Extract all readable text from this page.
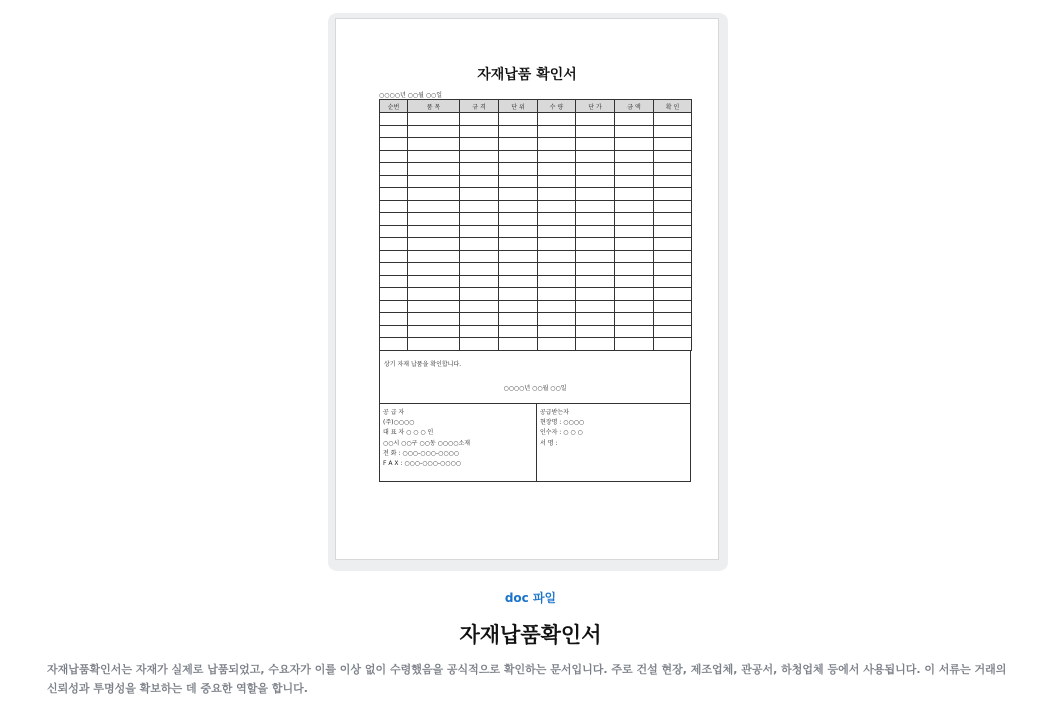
자재납품 확인서
○○○○년 ○○월 ○○일
순번	품 목	규 격	단 위	수 량	단 가	금 액	확 인

상기 자재 납품을 확인합니다.
○○○○년 ○○월 ○○일
공 급 자
(주)○○○○
대 표 자 ○ ○ ○ 인
○○시 ○○구 ○○동 ○○○○소재
전 화 : ○○○-○○○-○○○○
F A X : ○○○-○○○-○○○○
공급받는자
현장명 : ○○○○
인수자 : ○ ○ ○
서 명 :
doc 파일
자재납품확인서
자재납품확인서는 자재가 실제로 납품되었고, 수요자가 이를 이상 없이 수령했음을 공식적으로 확인하는 문서입니다. 주로 건설 현장, 제조업체, 관공서, 하청업체 등에서 사용됩니다. 이 서류는 거래의 신뢰성과 투명성을 확보하는 데 중요한 역할을 합니다.
